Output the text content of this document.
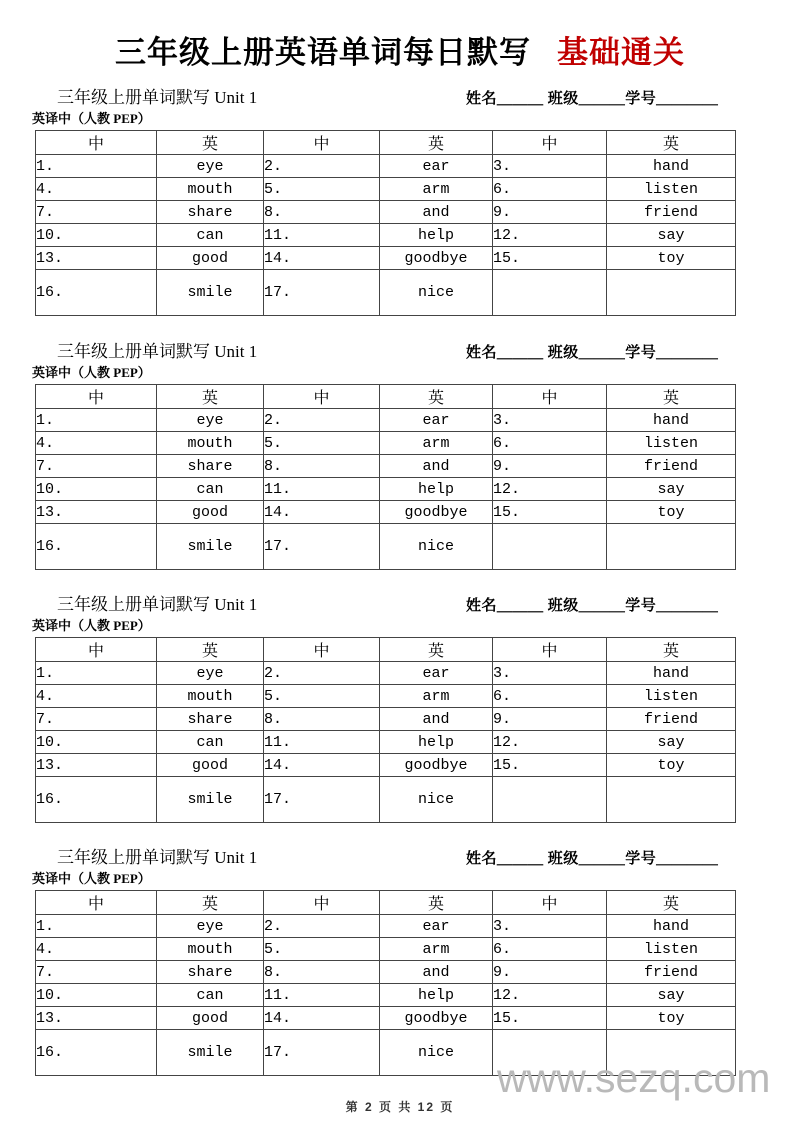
三年级上册英语单词每日默写 基础通关
三年级上册单词默写 Unit 1	姓名＿＿＿ 班级＿＿＿学号＿＿＿＿
英译中（人教 PEP）
中	英	中	英	中	英
1.	eye	2.	ear	3.	hand
4.	mouth	5.	arm	6.	listen
7.	share	8.	and	9.	friend
10.	can	11.	help	12.	say
13.	good	14.	goodbye	15.	toy
16.	smile	17.	nice		
三年级上册单词默写 Unit 1	姓名＿＿＿ 班级＿＿＿学号＿＿＿＿
英译中（人教 PEP）
中	英	中	英	中	英
1.	eye	2.	ear	3.	hand
4.	mouth	5.	arm	6.	listen
7.	share	8.	and	9.	friend
10.	can	11.	help	12.	say
13.	good	14.	goodbye	15.	toy
16.	smile	17.	nice		
三年级上册单词默写 Unit 1	姓名＿＿＿ 班级＿＿＿学号＿＿＿＿
英译中（人教 PEP）
中	英	中	英	中	英
1.	eye	2.	ear	3.	hand
4.	mouth	5.	arm	6.	listen
7.	share	8.	and	9.	friend
10.	can	11.	help	12.	say
13.	good	14.	goodbye	15.	toy
16.	smile	17.	nice		
三年级上册单词默写 Unit 1	姓名＿＿＿ 班级＿＿＿学号＿＿＿＿
英译中（人教 PEP）
中	英	中	英	中	英
1.	eye	2.	ear	3.	hand
4.	mouth	5.	arm	6.	listen
7.	share	8.	and	9.	friend
10.	can	11.	help	12.	say
13.	good	14.	goodbye	15.	toy
16.	smile	17.	nice		
第 2 页 共 12 页
www.sezq.com
